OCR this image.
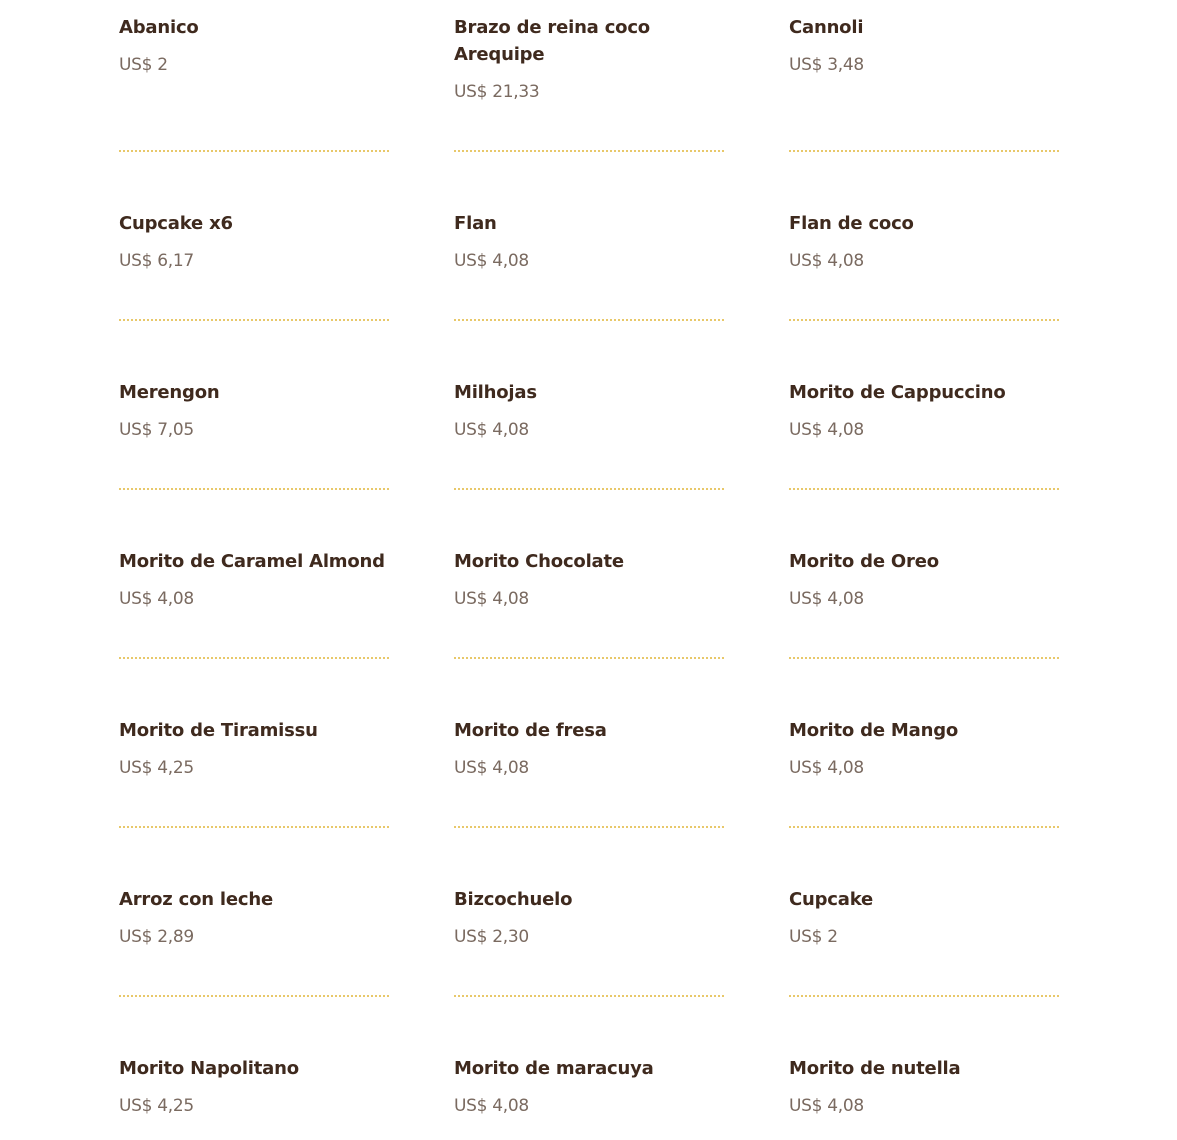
Abanico
US$ 2
Brazo de reina coco Arequipe
US$ 21,33
Cannoli
US$ 3,48
Cupcake x6
US$ 6,17
Flan
US$ 4,08
Flan de coco
US$ 4,08
Merengon
US$ 7,05
Milhojas
US$ 4,08
Morito de Cappuccino
US$ 4,08
Morito de Caramel Almond
US$ 4,08
Morito Chocolate
US$ 4,08
Morito de Oreo
US$ 4,08
Morito de Tiramissu
US$ 4,25
Morito de fresa
US$ 4,08
Morito de Mango
US$ 4,08
Arroz con leche
US$ 2,89
Bizcochuelo
US$ 2,30
Cupcake
US$ 2
Morito Napolitano
US$ 4,25
Morito de maracuya
US$ 4,08
Morito de nutella
US$ 4,08
